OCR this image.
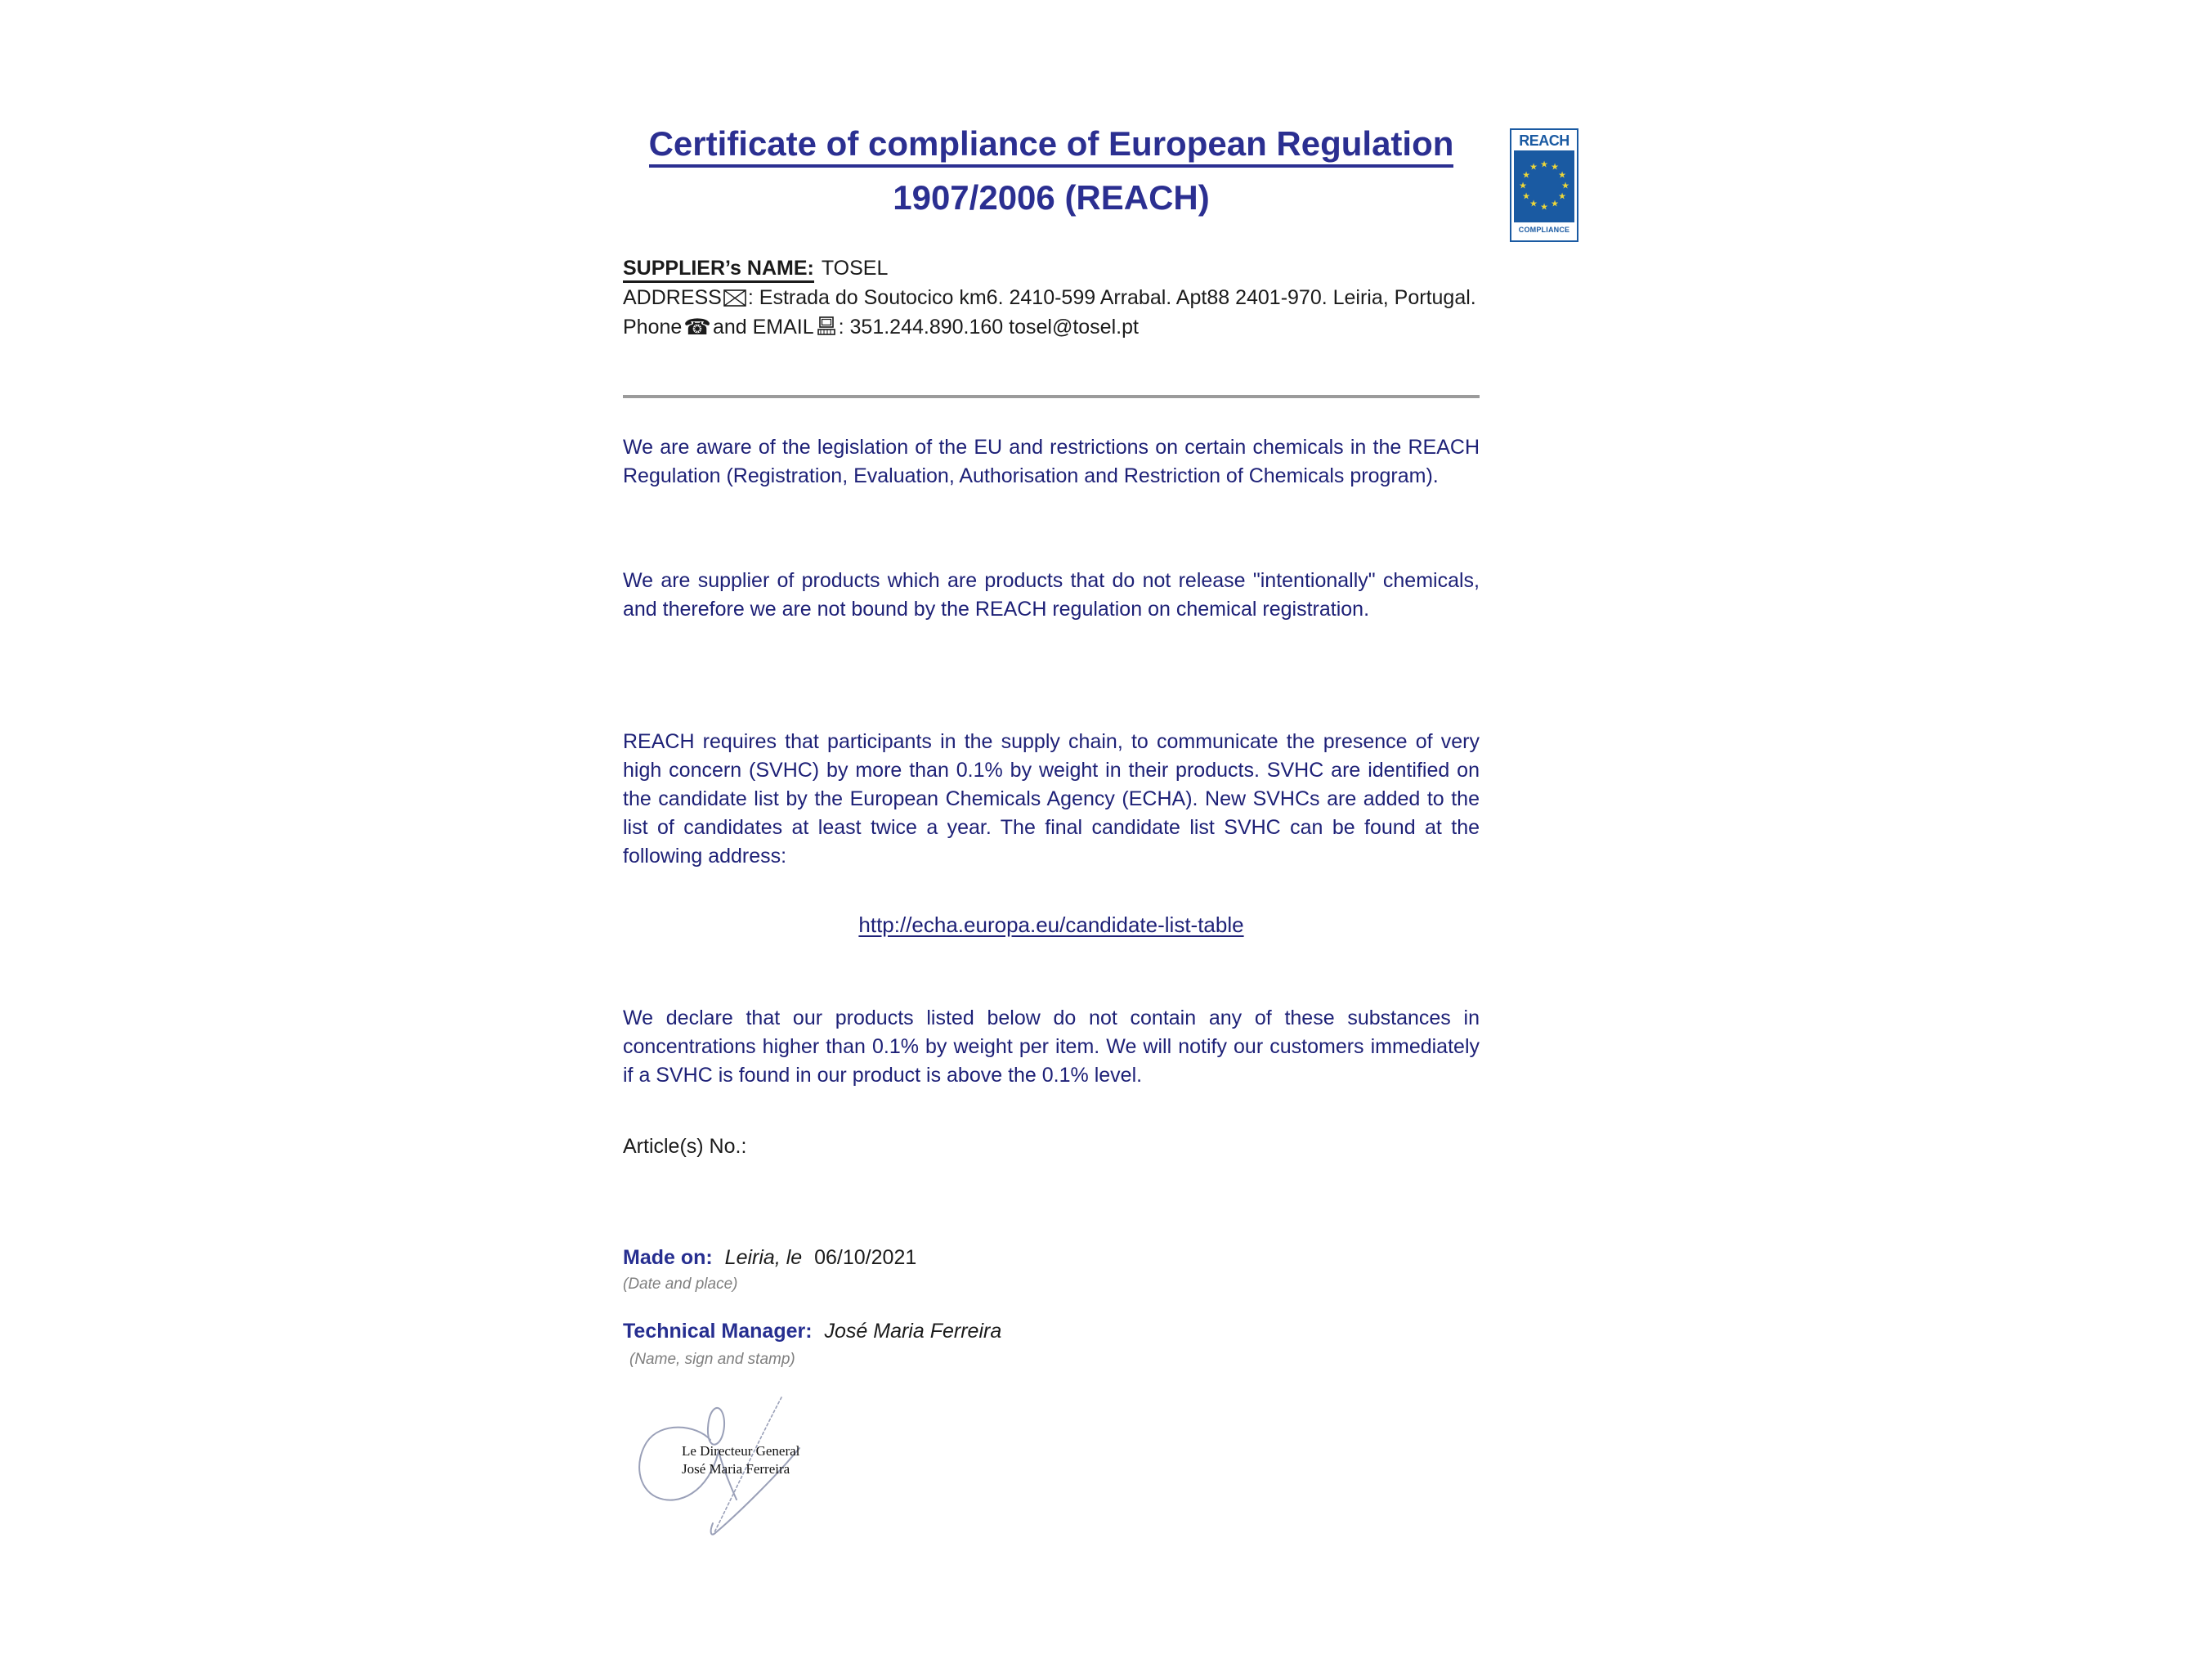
Certificate of compliance of European Regulation
1907/2006 (REACH)
REACH
★ ★
★
★
★
★
★
★
★
★
★
★
COMPLIANCE

SUPPLIER’s NAME: TOSEL

ADDRESS : Estrada do Soutocico km6. 2410-599 Arrabal. Apt88 2401-970. Leiria, Portugal.

Phone☎and EMAIL : 351.244.890.160 tosel@tosel.pt

We are aware of the legislation of the EU and restrictions on certain chemicals in the REACH Regulation (Registration, Evaluation, Authorisation and Restriction of Chemicals program).

We are supplier of products which are products that do not release "intentionally" chemicals, and therefore we are not bound by the REACH regulation on chemical registration.

REACH requires that participants in the supply chain, to communicate the presence of very high concern (SVHC) by more than 0.1% by weight in their products. SVHC are identified on the candidate list by the European Chemicals Agency (ECHA). New SVHCs are added to the list of candidates at least twice a year. The final candidate list SVHC can be found at the following address:

http://echa.europa.eu/candidate-list-table

We declare that our products listed below do not contain any of these substances in concentrations higher than 0.1% by weight per item. We will notify our customers immediately if a SVHC is found in our product is above the 0.1% level.

Article(s) No.:

Made on: Leiria, le 06/10/2021

(Date and place)

Technical Manager: José Maria Ferreira

(Name, sign and stamp)

Le Directeur General
José Maria Ferreira
